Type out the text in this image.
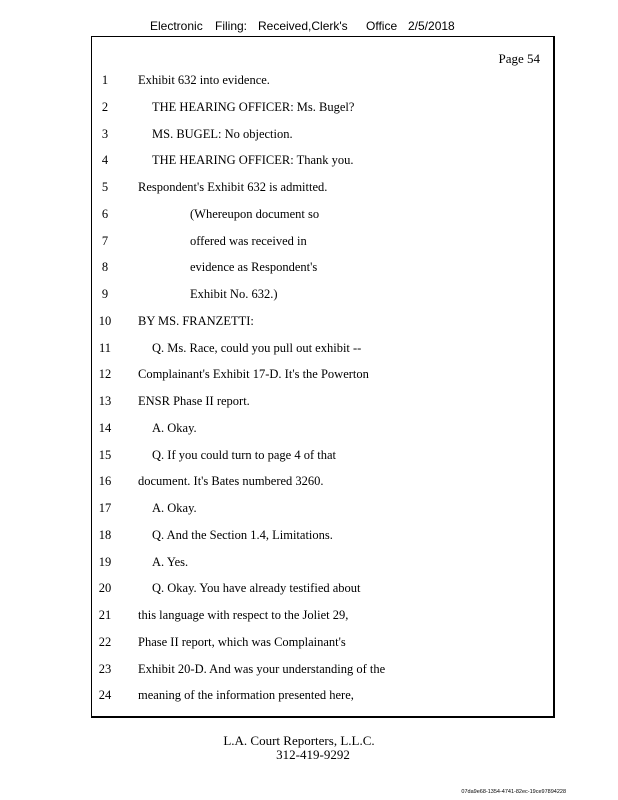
Electronic Filing: Received,Clerk's Office 2/5/2018
Page 54
1	Exhibit 632 into evidence.
2	THE HEARING OFFICER: Ms. Bugel?
3	MS. BUGEL: No objection.
4	THE HEARING OFFICER: Thank you.
5	Respondent's Exhibit 632 is admitted.
6	(Whereupon document so
7	offered was received in
8	evidence as Respondent's
9	Exhibit No. 632.)
10	BY MS. FRANZETTI:
11	Q. Ms. Race, could you pull out exhibit --
12	Complainant's Exhibit 17-D. It's the Powerton
13	ENSR Phase II report.
14	A. Okay.
15	Q. If you could turn to page 4 of that
16	document. It's Bates numbered 3260.
17	A. Okay.
18	Q. And the Section 1.4, Limitations.
19	A. Yes.
20	Q. Okay. You have already testified about
21	this language with respect to the Joliet 29,
22	Phase II report, which was Complainant's
23	Exhibit 20-D. And was your understanding of the
24	meaning of the information presented here,
L.A. Court Reporters, L.L.C.
312-419-9292
07da9e68-1354-4741-82ec-19ce97894228
